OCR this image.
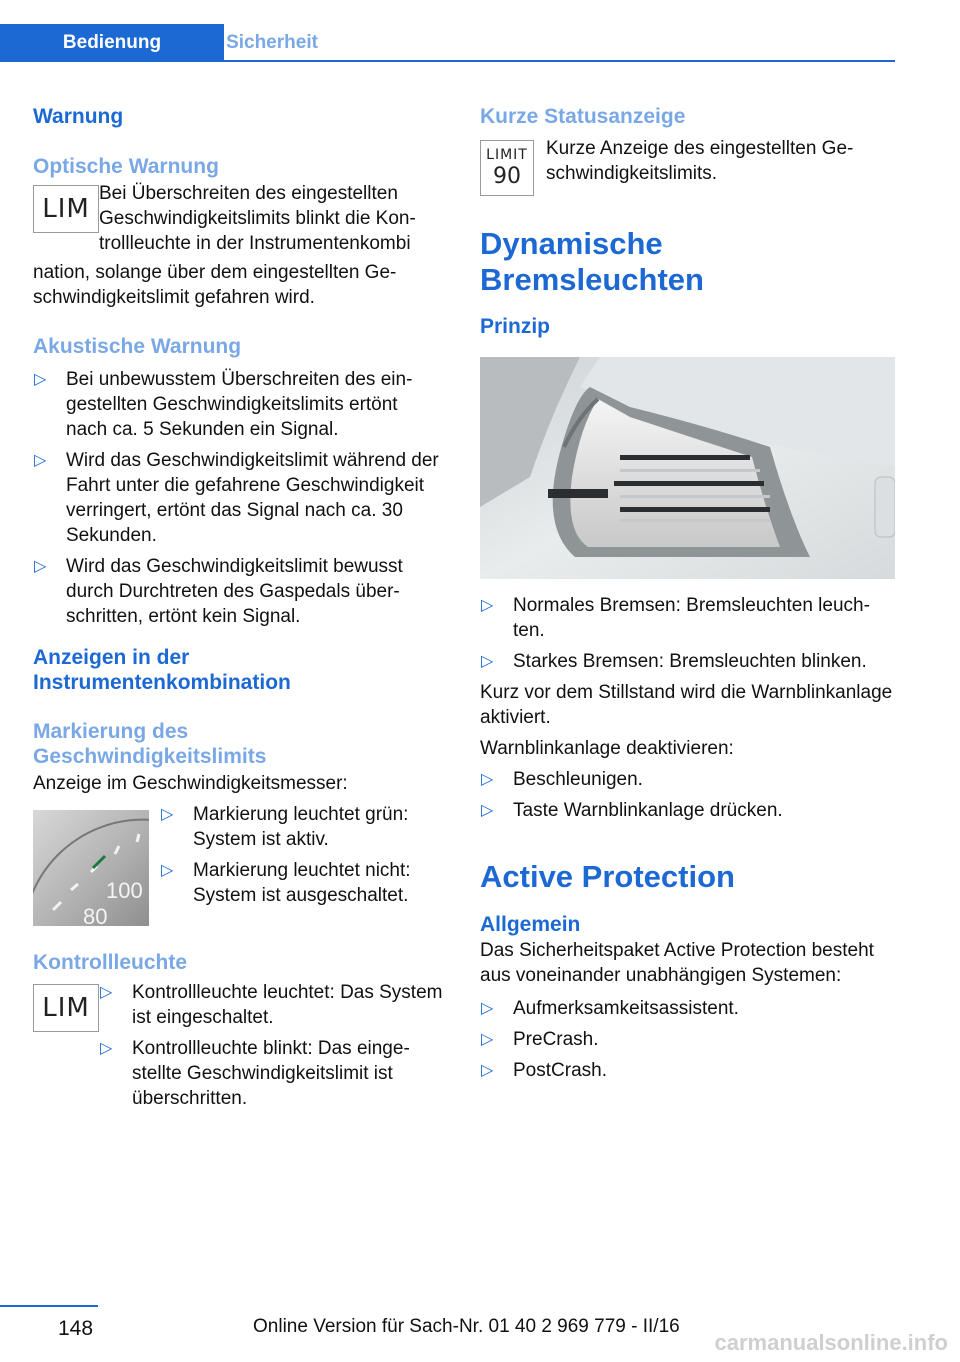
Bedienung	Sicherheit
Warnung
Optische Warnung
LIM

Bei Überschreiten des eingestellten Geschwindigkeitslimits blinkt die Kontrollleuchte in der Instrumentenkombi

nation, solange über dem eingestellten Geschwindigkeitslimit gefahren wird.

Akustische Warnung
▷ Bei unbewusstem Überschreiten des eingestellten Geschwindigkeitslimits ertönt nach ca. 5 Sekunden ein Signal.
▷ Wird das Geschwindigkeitslimit während der Fahrt unter die gefahrene Geschwindigkeit verringert, ertönt das Signal nach ca. 30 Sekunden.
▷ Wird das Geschwindigkeitslimit bewusst durch Durchtreten des Gaspedals überschritten, ertönt kein Signal.
Anzeigen in der
Instrumentenkombination
Markierung des
Geschwindigkeitslimits

Anzeige im Geschwindigkeitsmesser:

100
80
▷ Markierung leuchtet grün: System ist aktiv.
▷ Markierung leuchtet nicht: System ist ausgeschaltet.
Kontrollleuchte
LIM
▷ Kontrollleuchte leuchtet: Das System ist eingeschaltet.
▷ Kontrollleuchte blinkt: Das eingestellte Geschwindigkeitslimit ist überschritten.
Kurze Statusanzeige
LIMIT
90

Kurze Anzeige des eingestellten Geschwindigkeitslimits.

Dynamische Bremsleuchten
Prinzip
▷ Normales Bremsen: Bremsleuchten leuchten.
▷ Starkes Bremsen: Bremsleuchten blinken.

Kurz vor dem Stillstand wird die Warnblinkanlage aktiviert.

Warnblinkanlage deaktivieren:

▷ Beschleunigen.
▷ Taste Warnblinkanlage drücken.
Active Protection
Allgemein

Das Sicherheitspaket Active Protection besteht aus voneinander unabhängigen Systemen:

▷ Aufmerksamkeitsassistent.
▷ PreCrash.
▷ PostCrash.
148	Online Version für Sach-Nr. 01 40 2 969 779 - II/16
carmanualsonline.info
